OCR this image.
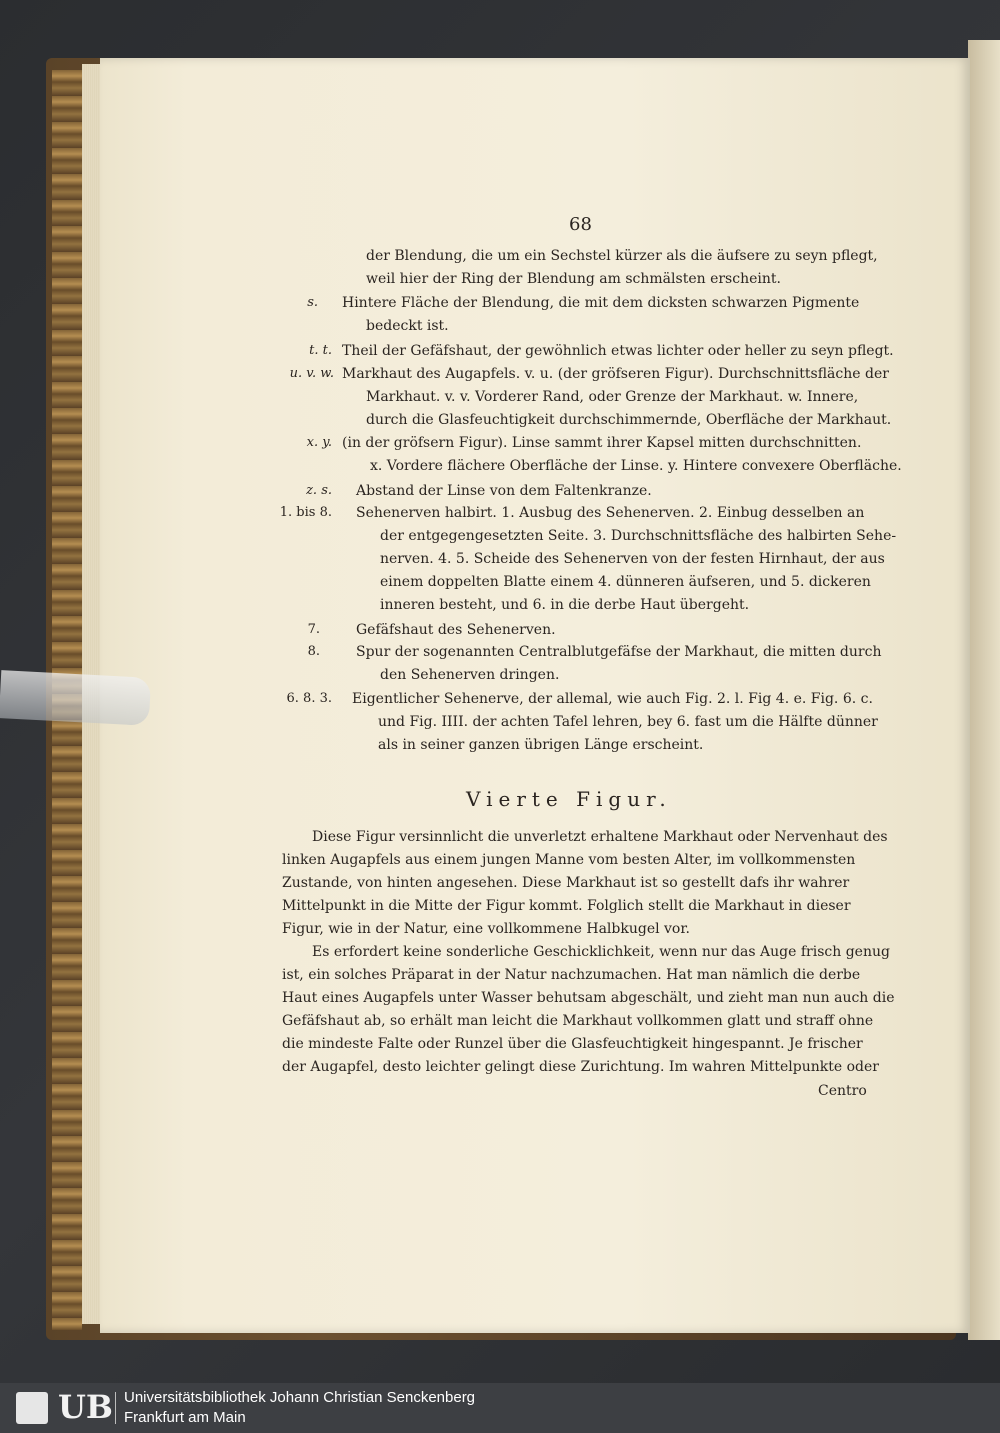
68
der Blendung, die um ein Sechstel kürzer als die äufsere zu seyn pflegt,
weil hier der Ring der Blendung am schmälsten erscheint.
s. Hintere Fläche der Blendung, die mit dem dicksten schwarzen Pigmente
bedeckt ist.
t. t. Theil der Gefäfshaut, der gewöhnlich etwas lichter oder heller zu seyn pflegt.
u. v. w. Markhaut des Augapfels. v. u. (der gröfseren Figur). Durchschnittsfläche der
Markhaut. v. v. Vorderer Rand, oder Grenze der Markhaut. w. Innere,
durch die Glasfeuchtigkeit durchschimmernde, Oberfläche der Markhaut.
x. y. (in der gröfsern Figur). Linse sammt ihrer Kapsel mitten durchschnitten.
x. Vordere flächere Oberfläche der Linse. y. Hintere convexere Oberfläche.
z. s. Abstand der Linse von dem Faltenkranze.
1. bis 8. Sehenerven halbirt. 1. Ausbug des Sehenerven. 2. Einbug desselben an
der entgegengesetzten Seite. 3. Durchschnittsfläche des halbirten Sehe-
nerven. 4. 5. Scheide des Sehenerven von der festen Hirnhaut, der aus
einem doppelten Blatte einem 4. dünneren äufseren, und 5. dickeren
inneren besteht, und 6. in die derbe Haut übergeht.
7.	Gefäfshaut des Sehenerven.
8.	Spur der sogenannten Centralblutgefäfse der Markhaut, die mitten durch
den Sehenerven dringen.
6. 8. 3. Eigentlicher Sehenerve, der allemal, wie auch Fig. 2. l. Fig 4. e. Fig. 6. c.
und Fig. IIII. der achten Tafel lehren, bey 6. fast um die Hälfte dünner
als in seiner ganzen übrigen Länge erscheint.
Vierte Figur.
Diese Figur versinnlicht die unverletzt erhaltene Markhaut oder Nervenhaut des
linken Augapfels aus einem jungen Manne vom besten Alter, im vollkommensten
Zustande, von hinten angesehen. Diese Markhaut ist so gestellt dafs ihr wahrer
Mittelpunkt in die Mitte der Figur kommt. Folglich stellt die Markhaut in dieser
Figur, wie in der Natur, eine vollkommene Halbkugel vor.
Es erfordert keine sonderliche Geschicklichkeit, wenn nur das Auge frisch genug
ist, ein solches Präparat in der Natur nachzumachen. Hat man nämlich die derbe
Haut eines Augapfels unter Wasser behutsam abgeschält, und zieht man nun auch die
Gefäfshaut ab, so erhält man leicht die Markhaut vollkommen glatt und straff ohne
die mindeste Falte oder Runzel über die Glasfeuchtigkeit hingespannt. Je frischer
der Augapfel, desto leichter gelingt diese Zurichtung. Im wahren Mittelpunkte oder
Centro
UB Universitätsbibliothek Johann Christian Senckenberg
Frankfurt am Main
